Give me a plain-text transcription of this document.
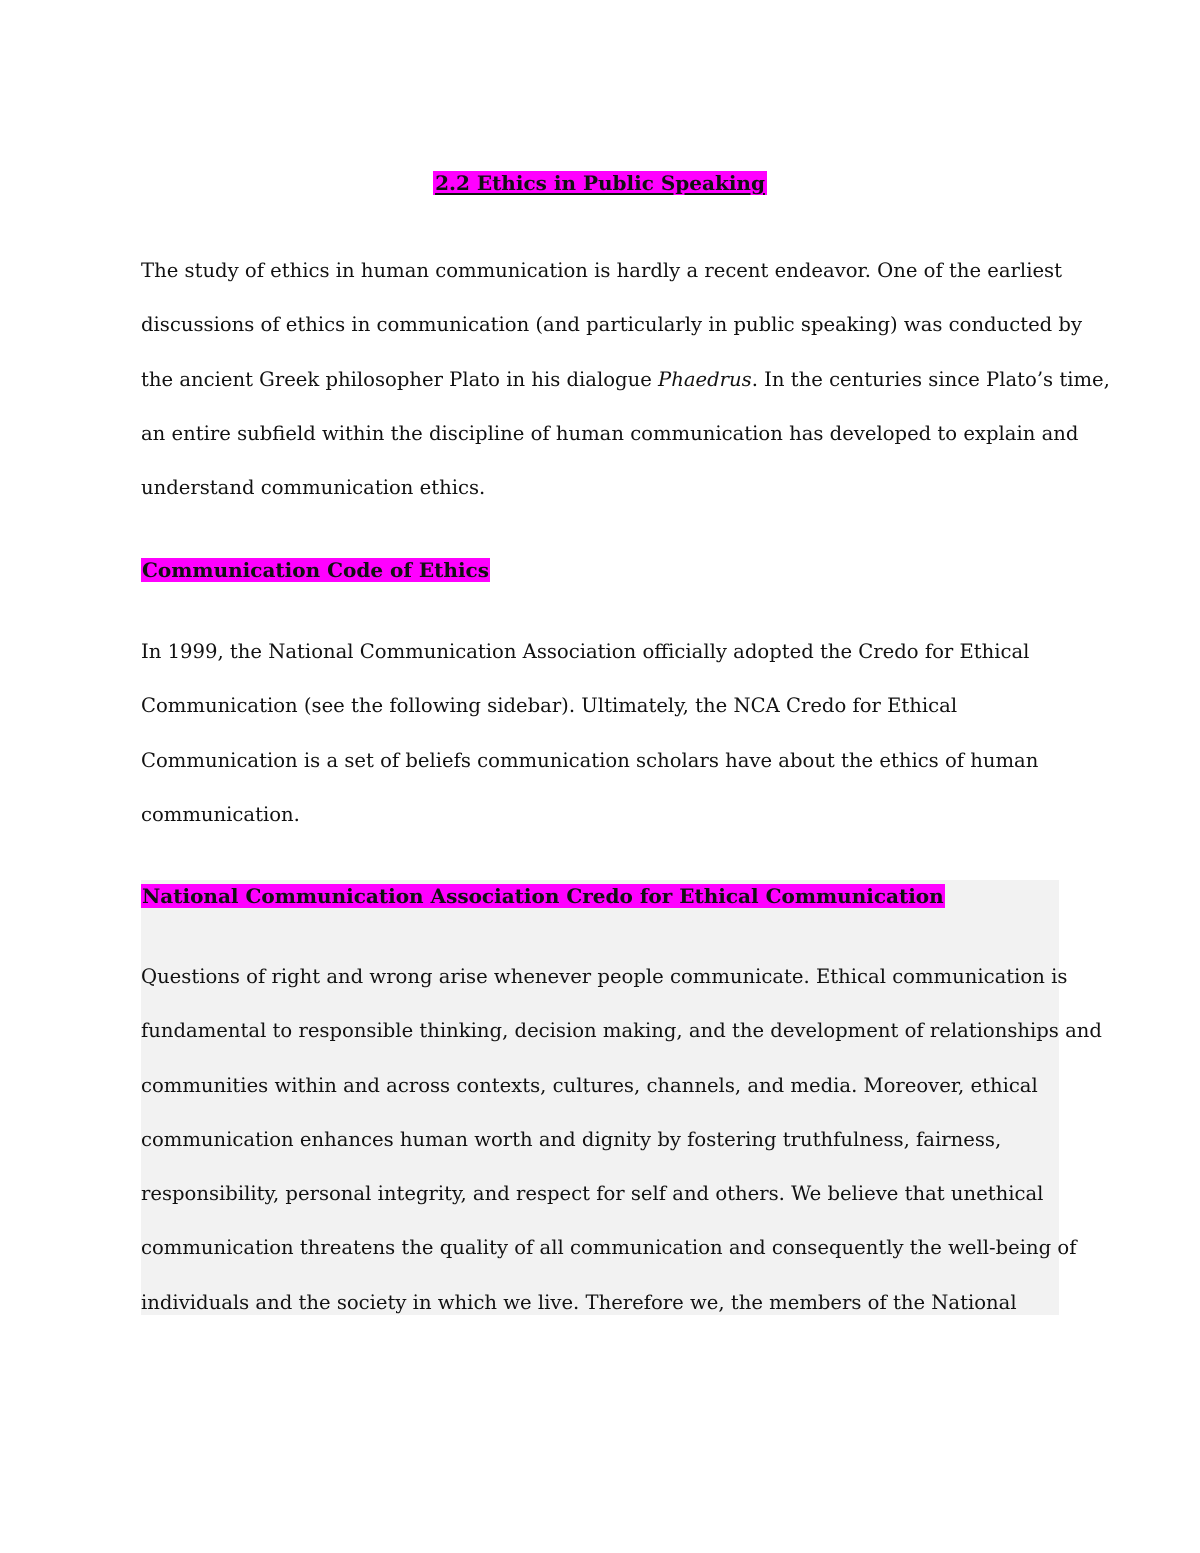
2.2 Ethics in Public Speaking
The study of ethics in human communication is hardly a recent endeavor. One of the earliest
discussions of ethics in communication (and particularly in public speaking) was conducted by
the ancient Greek philosopher Plato in his dialogue Phaedrus. In the centuries since Plato’s time,
an entire subfield within the discipline of human communication has developed to explain and
understand communication ethics.
Communication Code of Ethics
In 1999, the National Communication Association officially adopted the Credo for Ethical
Communication (see the following sidebar). Ultimately, the NCA Credo for Ethical
Communication is a set of beliefs communication scholars have about the ethics of human
communication.
National Communication Association Credo for Ethical Communication
Questions of right and wrong arise whenever people communicate. Ethical communication is
fundamental to responsible thinking, decision making, and the development of relationships and
communities within and across contexts, cultures, channels, and media. Moreover, ethical
communication enhances human worth and dignity by fostering truthfulness, fairness,
responsibility, personal integrity, and respect for self and others. We believe that unethical
communication threatens the quality of all communication and consequently the well-being of
individuals and the society in which we live. Therefore we, the members of the National
